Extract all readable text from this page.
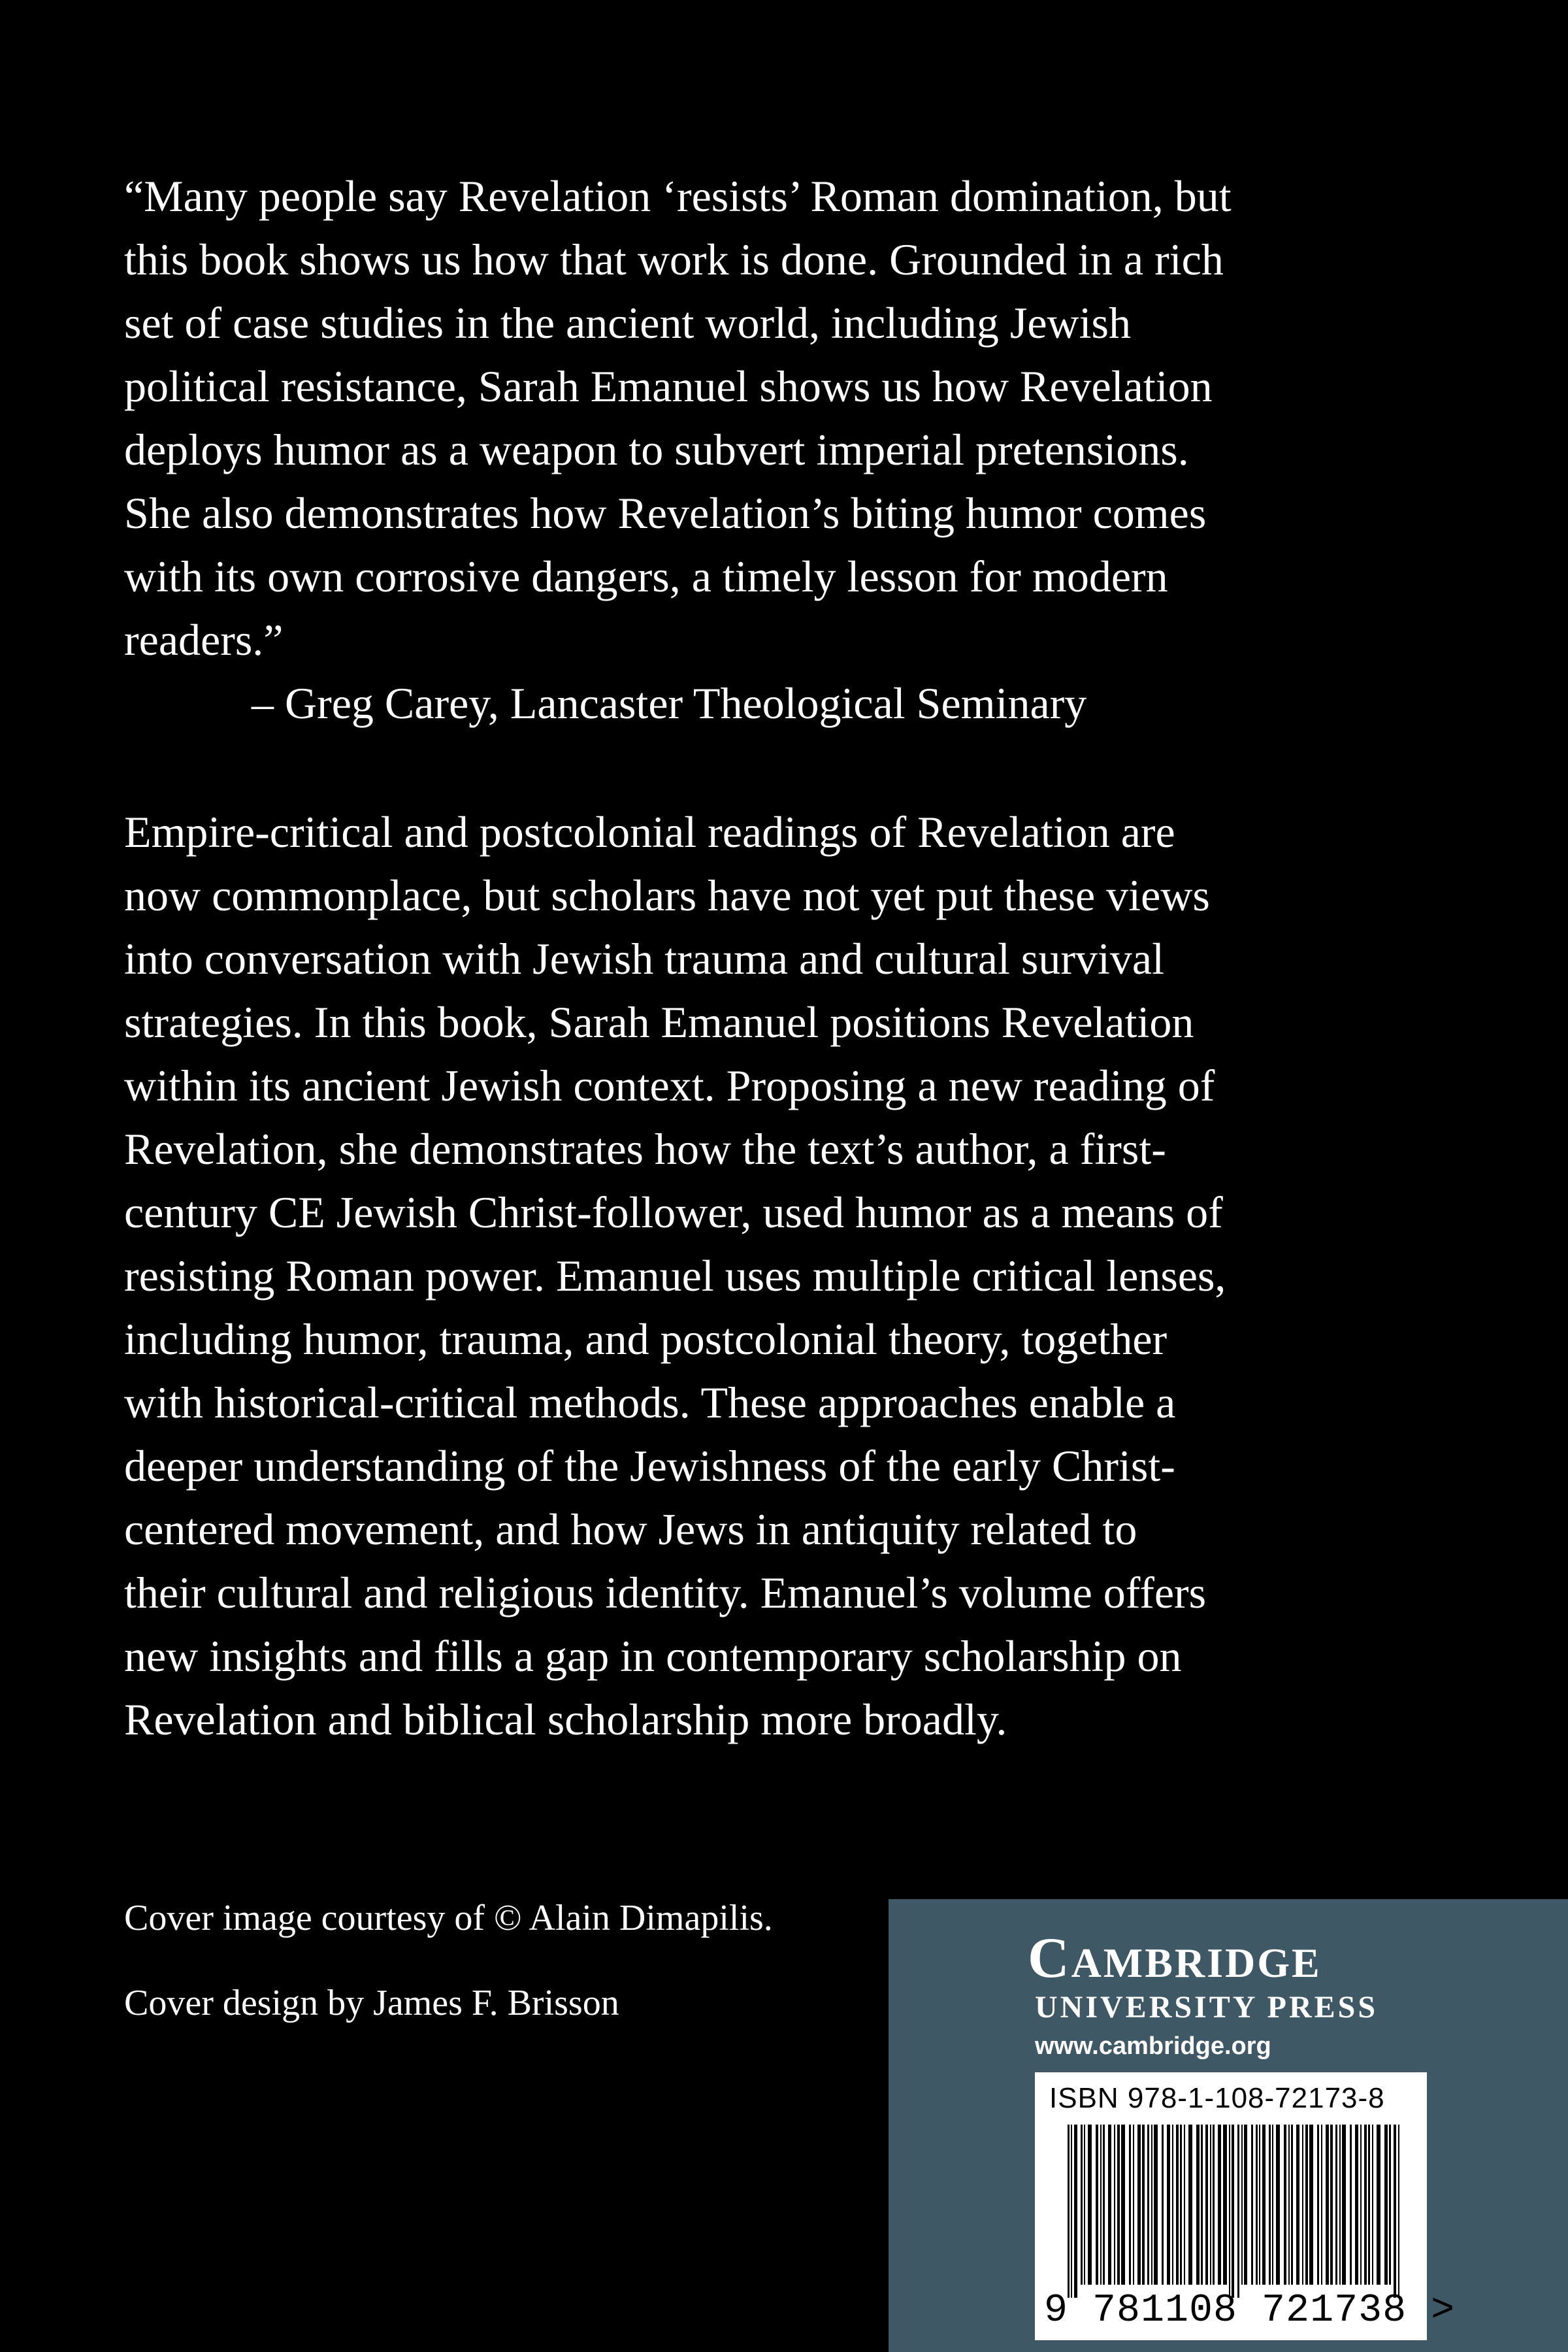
“Many people say Revelation ‘resists’ Roman domination, but
this book shows us how that work is done. Grounded in a rich
set of case studies in the ancient world, including Jewish
political resistance, Sarah Emanuel shows us how Revelation
deploys humor as a weapon to subvert imperial pretensions.
She also demonstrates how Revelation’s biting humor comes
with its own corrosive dangers, a timely lesson for modern
readers.”
– Greg Carey, Lancaster Theological Seminary
Empire-critical and postcolonial readings of Revelation are
now commonplace, but scholars have not yet put these views
into conversation with Jewish trauma and cultural survival
strategies. In this book, Sarah Emanuel positions Revelation
within its ancient Jewish context. Proposing a new reading of
Revelation, she demonstrates how the text’s author, a first-
century CE Jewish Christ-follower, used humor as a means of
resisting Roman power. Emanuel uses multiple critical lenses,
including humor, trauma, and postcolonial theory, together
with historical-critical methods. These approaches enable a
deeper understanding of the Jewishness of the early Christ-
centered movement, and how Jews in antiquity related to
their cultural and religious identity. Emanuel’s volume offers
new insights and fills a gap in contemporary scholarship on
Revelation and biblical scholarship more broadly.
Cover image courtesy of © Alain Dimapilis.
Cover design by James F. Brisson
CAMBRIDGE
UNIVERSITY PRESS
www.cambridge.org
ISBN 978-1-108-72173-8
9 781108 721738 >
